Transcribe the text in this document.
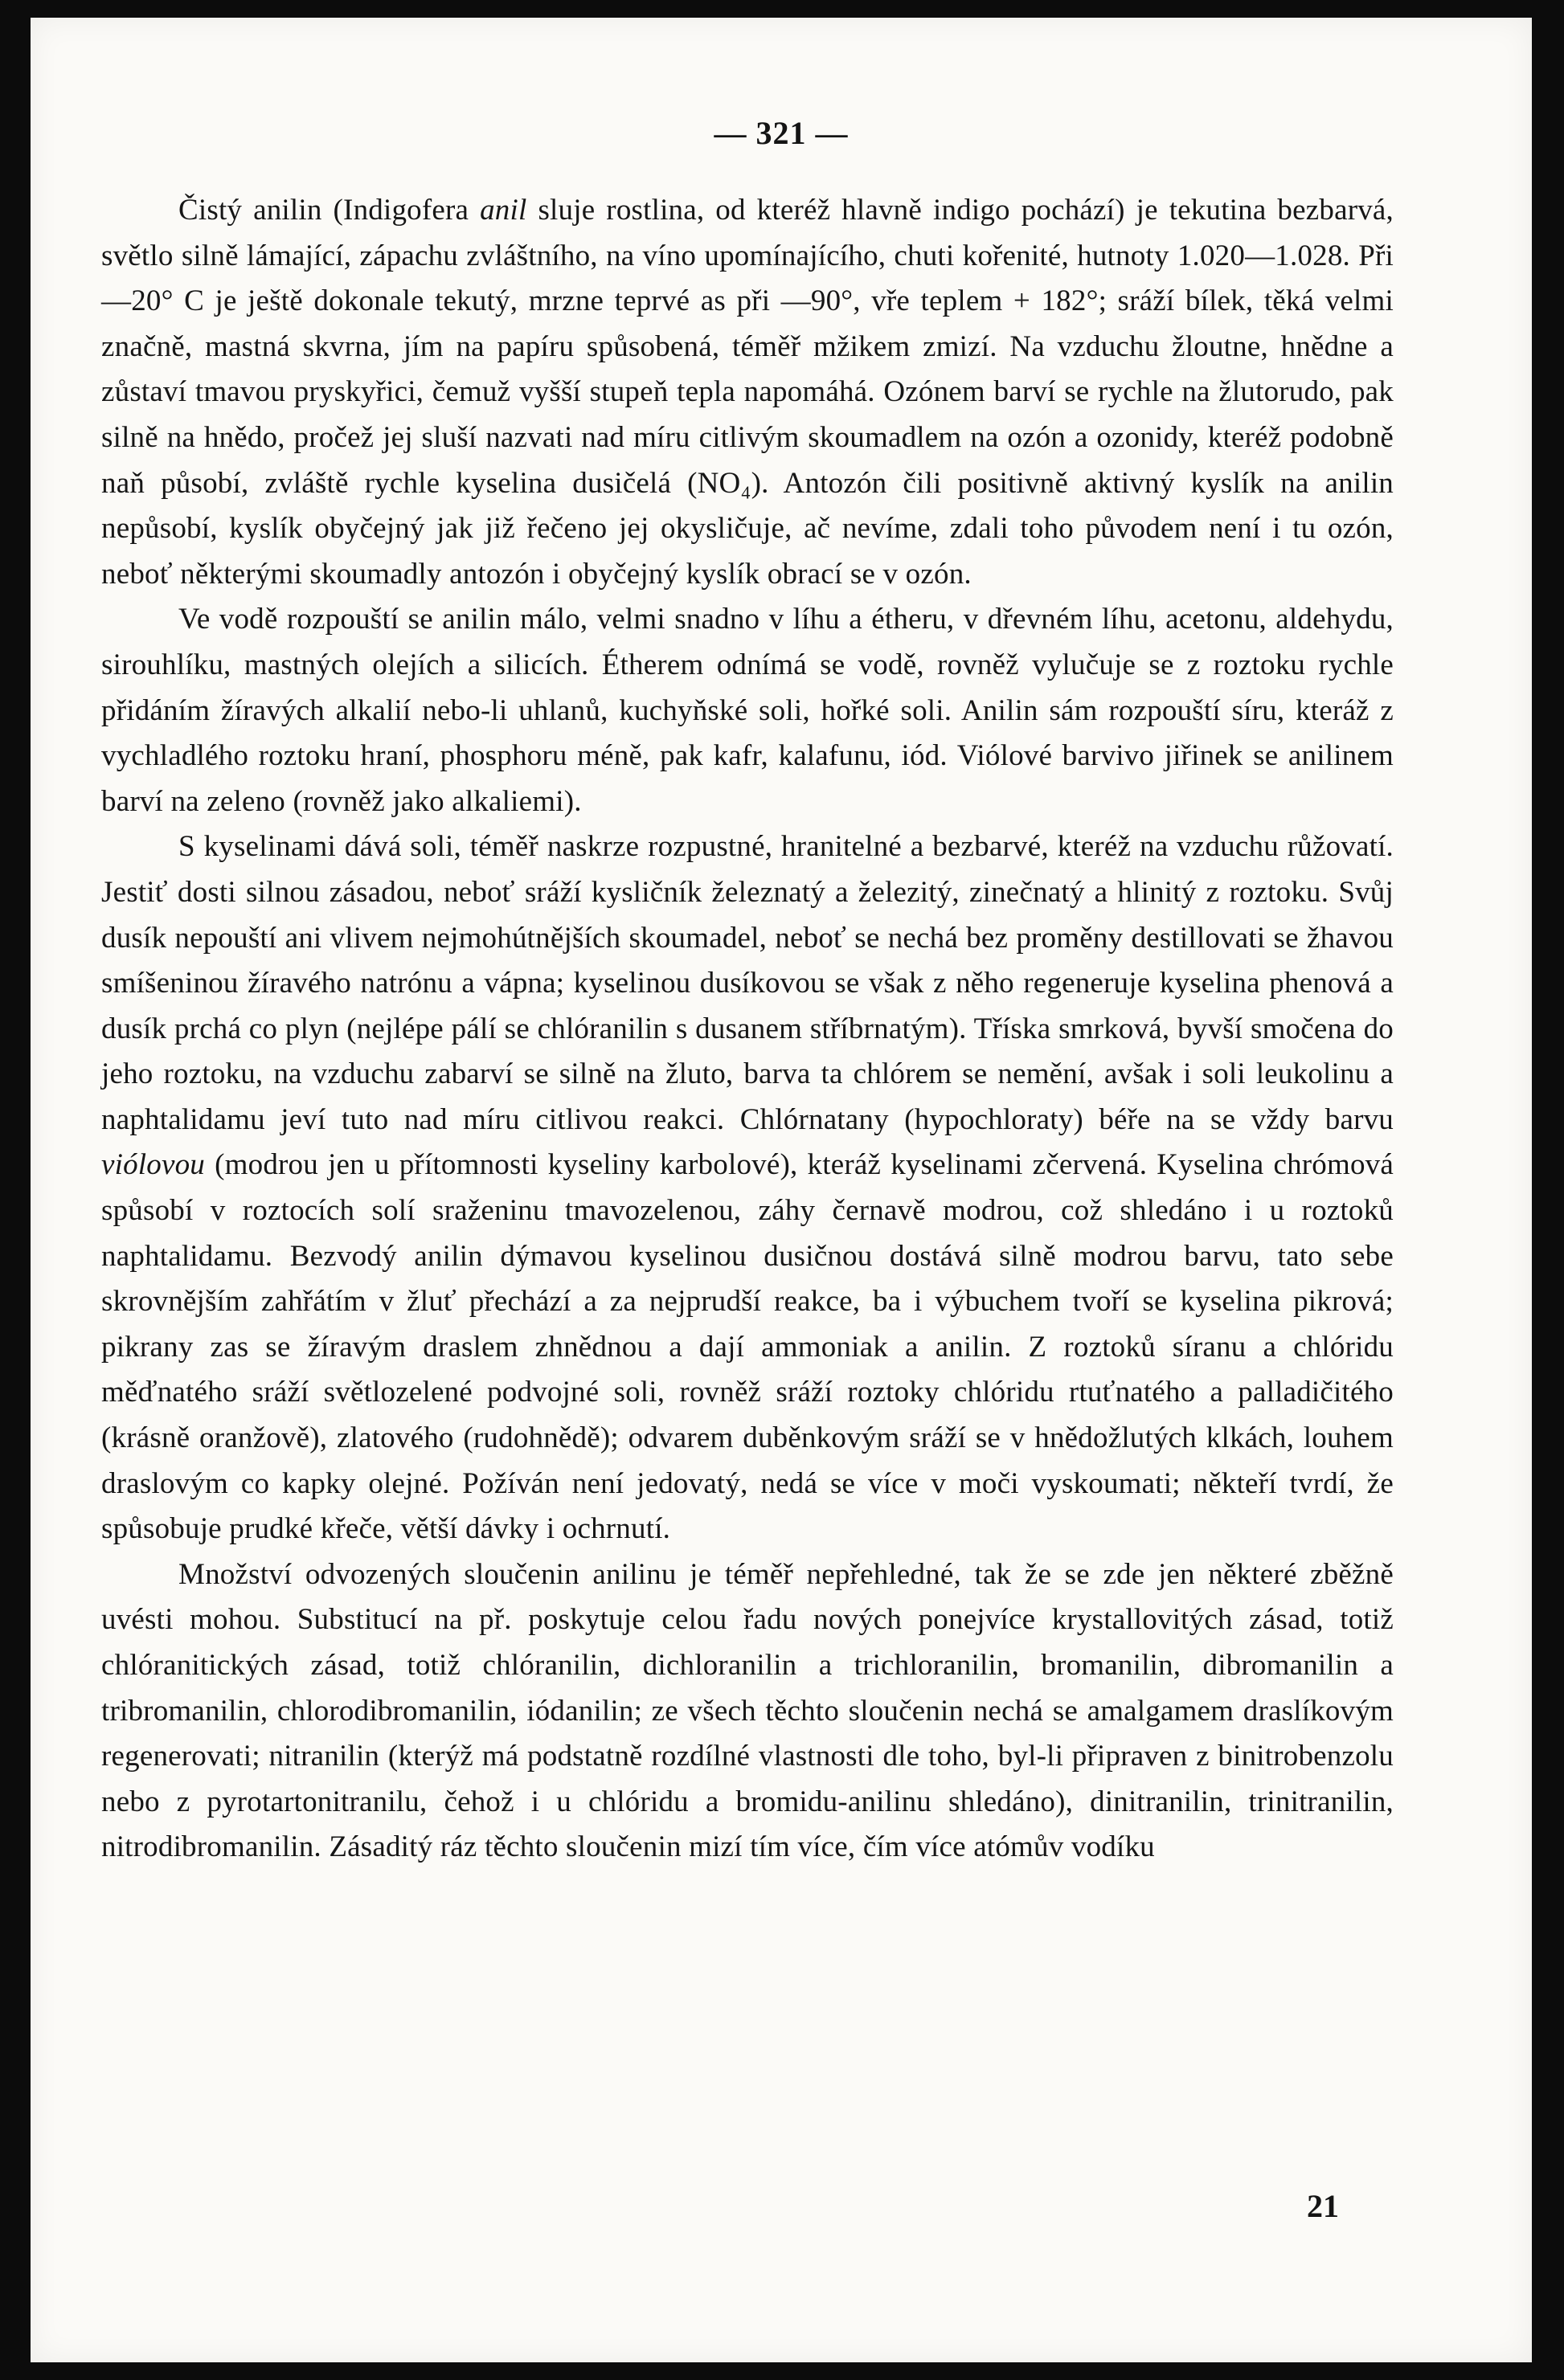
— 321 —

Čistý anilin (Indigofera anil sluje rostlina, od kteréž hlavně indigo pochází) je tekutina bezbarvá, světlo silně lámající, zápachu zvláštního, na víno upomínajícího, chuti kořenité, hutnoty 1.020—1.028. Při —20° C je ještě dokonale tekutý, mrzne teprvé as při —90°, vře teplem + 182°; sráží bílek, těká velmi značně, mastná skvrna, jím na papíru spůsobená, téměř mžikem zmizí. Na vzduchu žloutne, hnědne a zůstaví tmavou pryskyřici, čemuž vyšší stupeň tepla napomáhá. Ozónem barví se rychle na žlutorudo, pak silně na hnědo, pročež jej sluší nazvati nad míru citlivým skoumadlem na ozón a ozonidy, kteréž podobně naň působí, zvláště rychle kyselina dusičelá (NO₄). Antozón čili positivně aktivný kyslík na anilin nepůsobí, kyslík obyčejný jak již řečeno jej okysličuje, ač nevíme, zdali toho původem není i tu ozón, neboť některými skoumadly antozón i obyčejný kyslík obrací se v ozón.

Ve vodě rozpouští se anilin málo, velmi snadno v líhu a étheru, v dřevném líhu, acetonu, aldehydu, sirouhlíku, mastných olejích a silicích. Étherem odnímá se vodě, rovněž vylučuje se z roztoku rychle přidáním žíravých alkalií nebo-li uhlanů, kuchyňské soli, hořké soli. Anilin sám rozpouští síru, kteráž z vychladlého roztoku hraní, phosphoru méně, pak kafr, kalafunu, iód. Viólové barvivo jiřinek se anilinem barví na zeleno (rovněž jako alkaliemi).

S kyselinami dává soli, téměř naskrze rozpustné, hranitelné a bezbarvé, kteréž na vzduchu růžovatí. Jestiť dosti silnou zásadou, neboť sráží kysličník železnatý a železitý, zinečnatý a hlinitý z roztoku. Svůj dusík nepouští ani vlivem nejmohútnějších skoumadel, neboť se nechá bez proměny destillovati se žhavou smíšeninou žíravého natrónu a vápna; kyselinou dusíkovou se však z něho regeneruje kyselina phenová a dusík prchá co plyn (nejlépe pálí se chlóranilin s dusanem stříbrnatým). Tříska smrková, byvší smočena do jeho roztoku, na vzduchu zabarví se silně na žluto, barva ta chlórem se nemění, avšak i soli leukolinu a naphtalidamu jeví tuto nad míru citlivou reakci. Chlórnatany (hypochloraty) béře na se vždy barvu viólovou (modrou jen u přítomnosti kyseliny karbolové), kteráž kyselinami zčervená. Kyselina chrómová spůsobí v roztocích solí sraženinu tmavozelenou, záhy černavě modrou, což shledáno i u roztoků naphtalidamu. Bezvodý anilin dýmavou kyselinou dusičnou dostává silně modrou barvu, tato sebe skrovnějším zahřátím v žluť přechází a za nejprudší reakce, ba i výbuchem tvoří se kyselina pikrová; pikrany zas se žíravým draslem zhnědnou a dají ammoniak a anilin. Z roztoků síranu a chlóridu měďnatého sráží světlozelené podvojné soli, rovněž sráží roztoky chlóridu rtuťnatého a palladičitého (krásně oranžově), zlatového (rudohnědě); odvarem duběnkovým sráží se v hnědožlutých klkách, louhem draslovým co kapky olejné. Požíván není jedovatý, nedá se více v moči vyskoumati; někteří tvrdí, že spůsobuje prudké křeče, větší dávky i ochrnutí.

Množství odvozených sloučenin anilinu je téměř nepřehledné, tak že se zde jen některé zběžně uvésti mohou. Substitucí na př. poskytuje celou řadu nových ponejvíce krystallovitých zásad, totiž chlóranitických zásad, totiž chlóranilin, dichloranilin a trichloranilin, bromanilin, dibromanilin a tribromanilin, chlorodibromanilin, iódanilin; ze všech těchto sloučenin nechá se amalgamem draslíkovým regenerovati; nitranilin (kterýž má podstatně rozdílné vlastnosti dle toho, byl-li připraven z binitrobenzolu nebo z pyrotartonitranilu, čehož i u chlóridu a bromidu-anilinu shledáno), dinitranilin, trinitranilin, nitrodibromanilin. Zásaditý ráz těchto sloučenin mizí tím více, čím více atómův vodíku

21
